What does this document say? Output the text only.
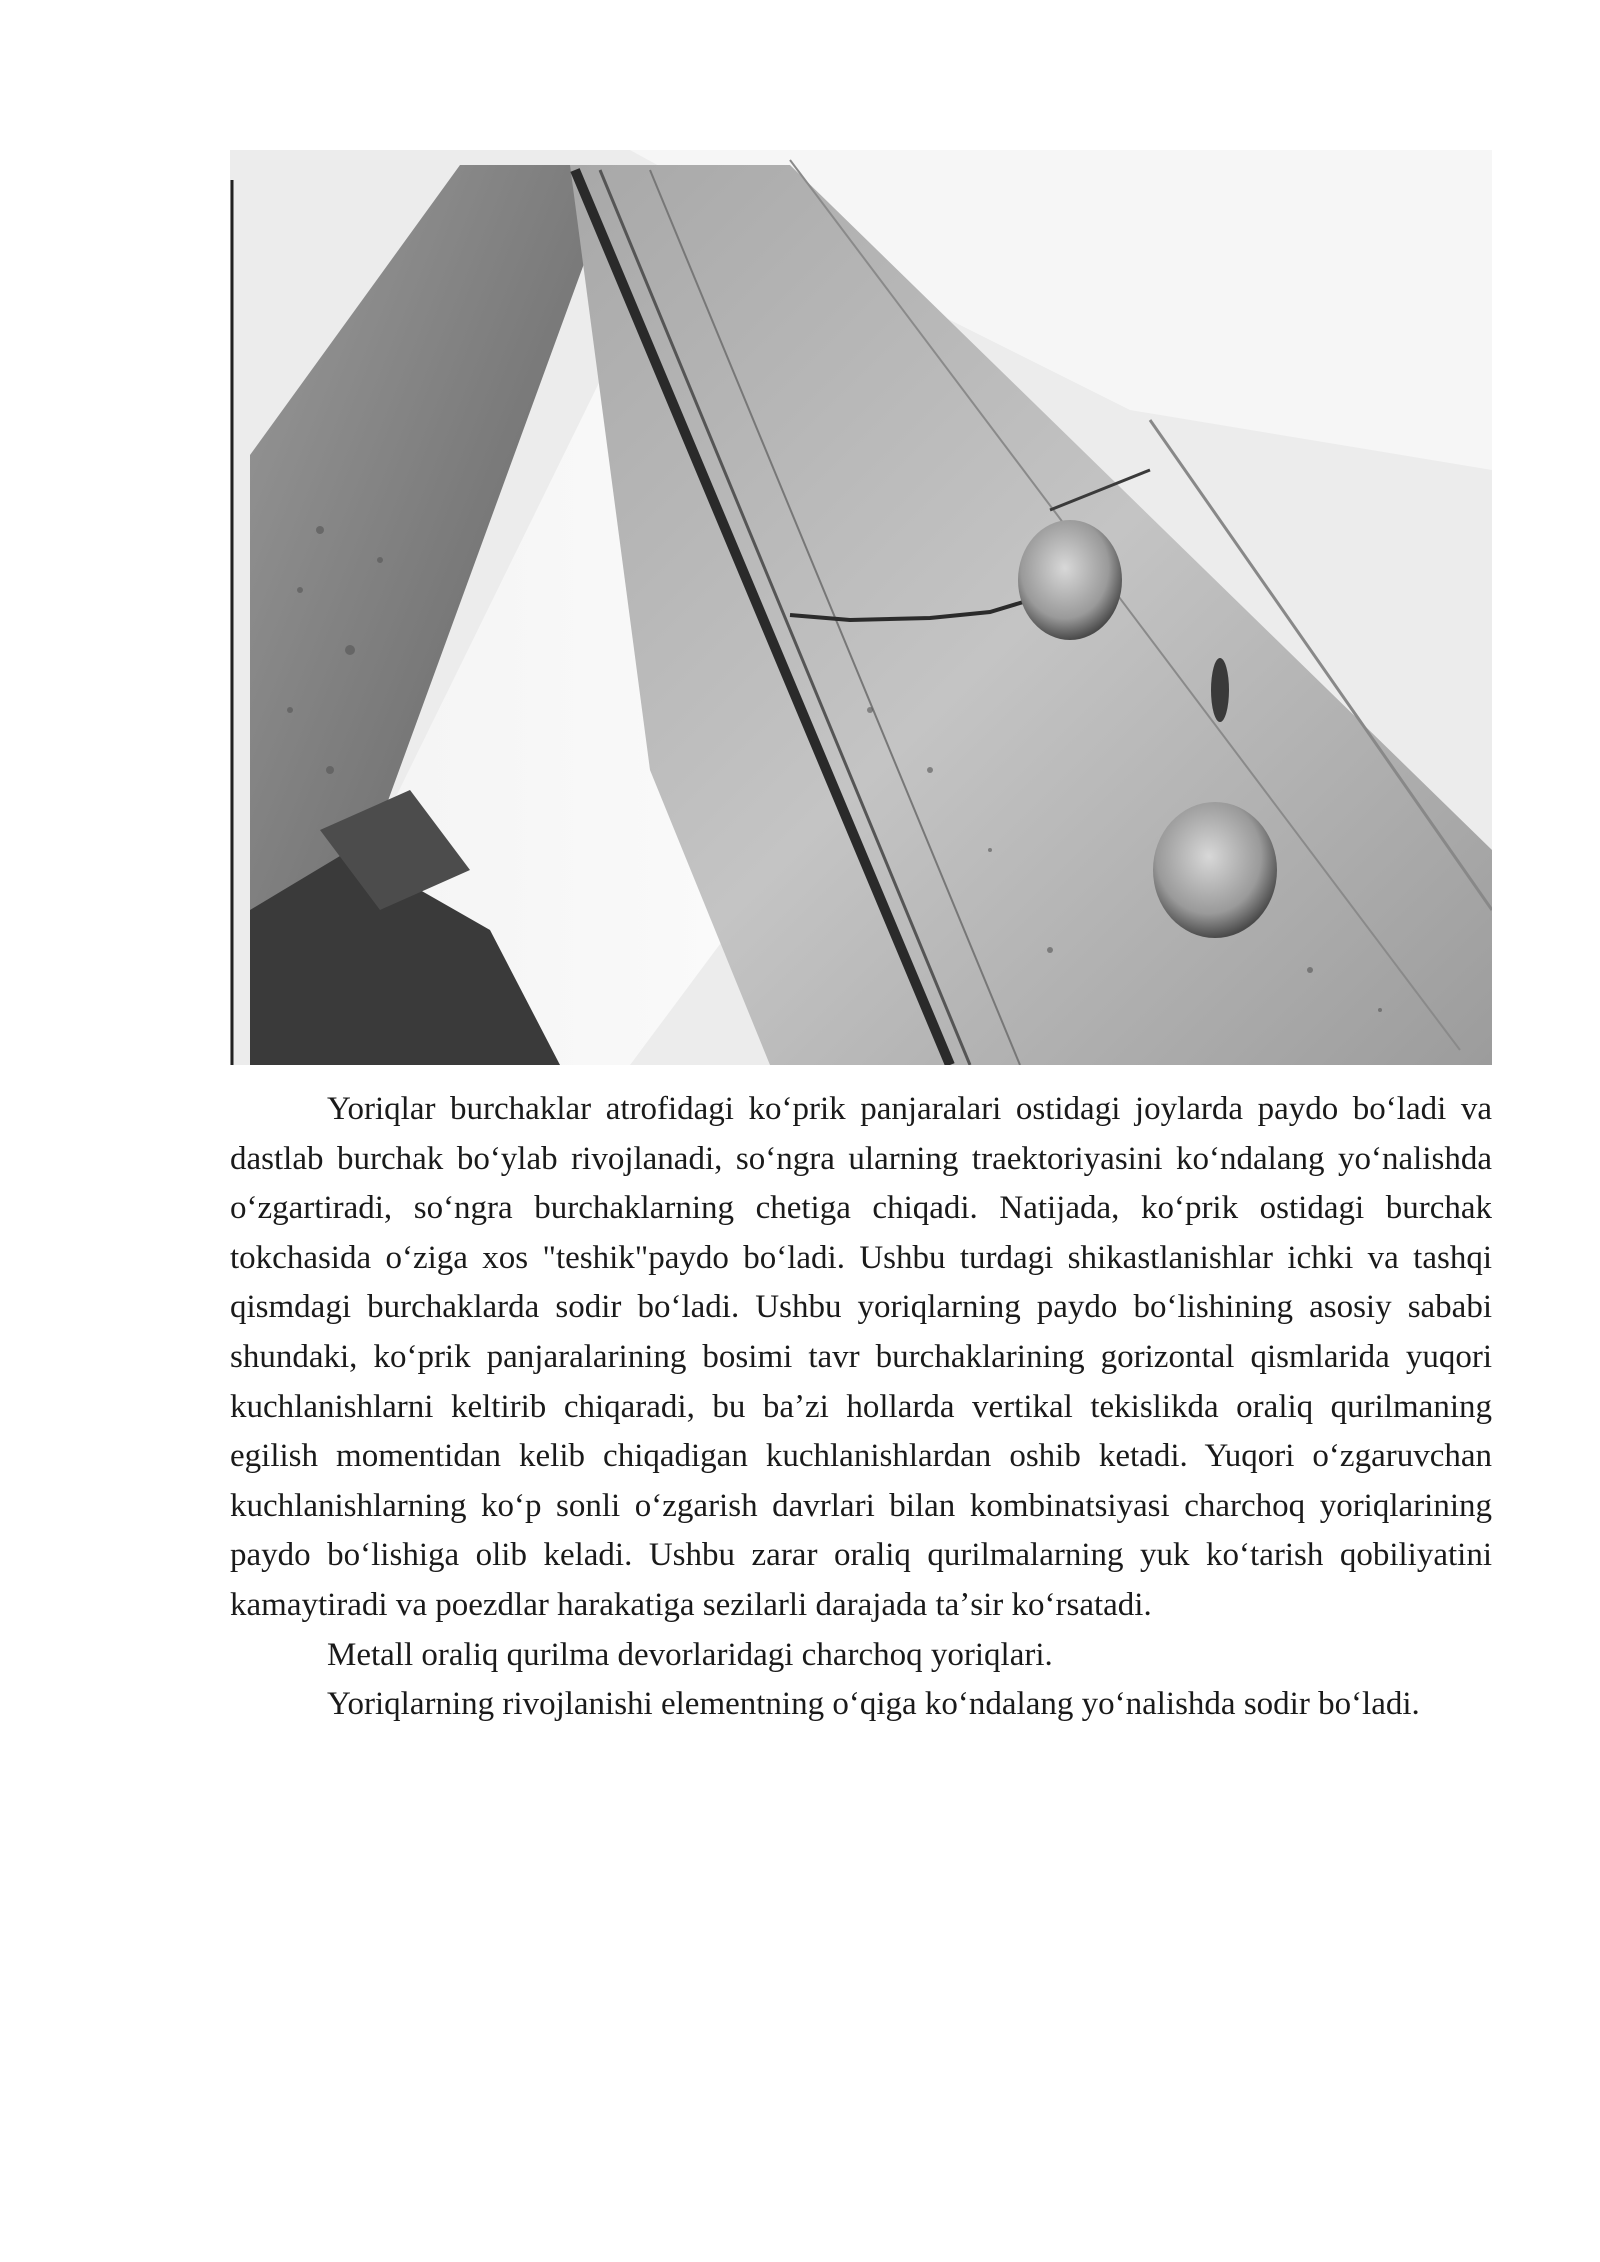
Yoriqlar burchaklar atrofidagi koʻprik panjaralari ostidagi joylarda paydo boʻladi va dastlab burchak boʻylab rivojlanadi, soʻngra ularning traektoriyasini koʻndalang yoʻnalishda oʻzgartiradi, soʻngra burchaklarning chetiga chiqadi. Natijada, koʻprik ostidagi burchak tokchasida oʻziga xos "teshik"paydo boʻladi. Ushbu turdagi shikastlanishlar ichki va tashqi qismdagi burchaklarda sodir boʻladi. Ushbu yoriqlarning paydo boʻlishining asosiy sababi shundaki, koʻprik panjaralarining bosimi tavr burchaklarining gorizontal qismlarida yuqori kuchlanishlarni keltirib chiqaradi, bu baʼzi hollarda vertikal tekislikda oraliq qurilmaning egilish momentidan kelib chiqadigan kuchlanishlardan oshib ketadi. Yuqori oʻzgaruvchan kuchlanishlarning koʻp sonli oʻzgarish davrlari bilan kombinatsiyasi charchoq yoriqlarining paydo boʻlishiga olib keladi. Ushbu zarar oraliq qurilmalarning yuk koʻtarish qobiliyatini kamaytiradi va poezdlar harakatiga sezilarli darajada taʼsir koʻrsatadi.

Metall oraliq qurilma devorlaridagi charchoq yoriqlari.

Yoriqlarning rivojlanishi elementning oʻqiga koʻndalang yoʻnalishda sodir boʻladi.
